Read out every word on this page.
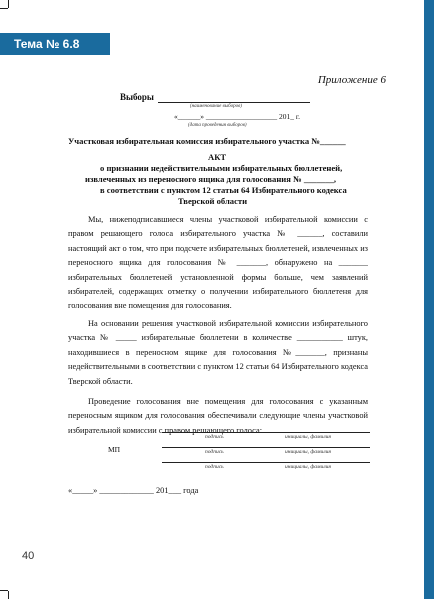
Тема № 6.8
Приложение 6
Выборы
(наименование выборов)
«______» ___________________ 201_ г.
(дата проведения выборов)
Участковая избирательная комиссия избирательного участка №______
АКТ
о признании недействительными избирательных бюллетеней,
извлеченных из переносного ящика для голосования № _______,
в соответствии с пунктом 12 статьи 64 Избирательного кодекса
Тверской области

Мы, нижеподписавшиеся члены участковой избирательной комиссии с правом решающего голоса избирательного участка № ______, составили настоящий акт о том, что при подсчете избирательных бюллетеней, извлеченных из переносного ящика для голосования № _______, обнаружено на _______ избирательных бюллетеней установленной формы больше, чем заявлений избирателей, содержащих отметку о получении избирательного бюллетеня для голосования вне помещения для голосования.

На основании решения участковой избирательной комиссии избирательного участка № _____ избирательные бюллетени в количестве ___________ штук, находившиеся в переносном ящике для голосования №_______, признаны недействительными в соответствии с пунктом 12 статьи 64 Избирательного кодекса Тверской области.

Проведение голосования вне помещения для голосования с указанным переносным ящиком для голосования обеспечивали следующие члены участковой избирательной комиссии с правом решающего голоса:

подпись	инициалы, фамилия
МП	подпись	инициалы, фамилия
подпись	инициалы, фамилия
«_____» _____________ 201___ года
40
